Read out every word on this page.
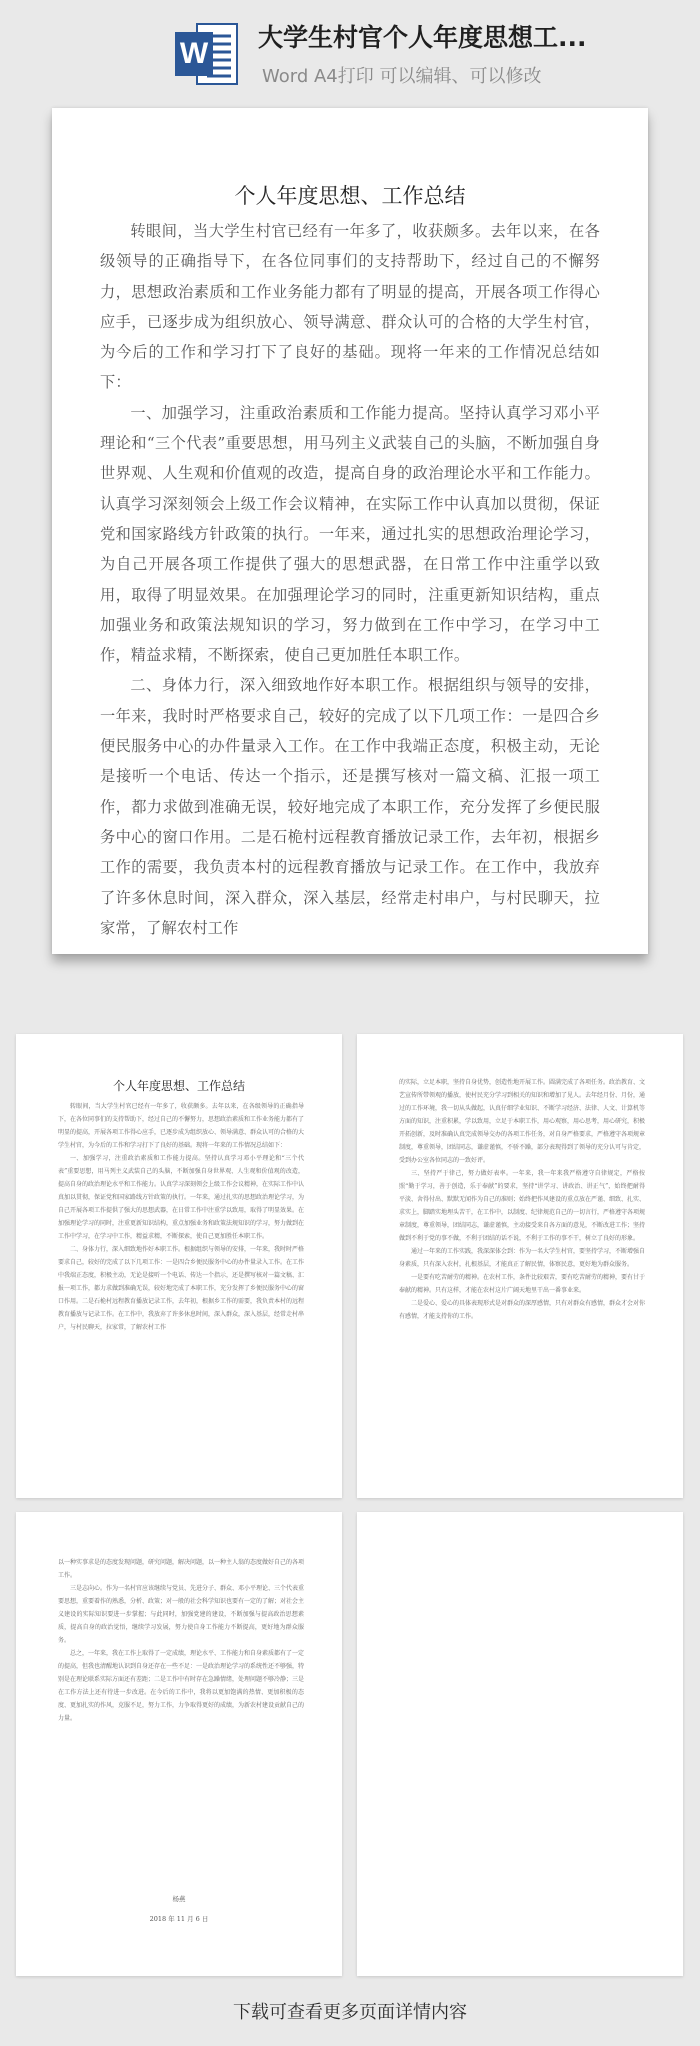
W 大学生村官个人年度思想工...
Word A4打印 可以编辑、可以修改
个人年度思想、工作总结

转眼间，当大学生村官已经有一年多了，收获颇多。去年以来，在各级领导的正确指导下，在各位同事们的支持帮助下，经过自己的不懈努力，思想政治素质和工作业务能力都有了明显的提高，开展各项工作得心应手，已逐步成为组织放心、领导满意、群众认可的合格的大学生村官，为今后的工作和学习打下了良好的基础。现将一年来的工作情况总结如下：

一、加强学习，注重政治素质和工作能力提高。坚持认真学习邓小平理论和“三个代表”重要思想，用马列主义武装自己的头脑，不断加强自身世界观、人生观和价值观的改造，提高自身的政治理论水平和工作能力。认真学习深刻领会上级工作会议精神，在实际工作中认真加以贯彻，保证党和国家路线方针政策的执行。一年来，通过扎实的思想政治理论学习，为自己开展各项工作提供了强大的思想武器，在日常工作中注重学以致用，取得了明显效果。在加强理论学习的同时，注重更新知识结构，重点加强业务和政策法规知识的学习，努力做到在工作中学习，在学习中工作，精益求精，不断探索，使自己更加胜任本职工作。

二、身体力行，深入细致地作好本职工作。根据组织与领导的安排，一年来，我时时严格要求自己，较好的完成了以下几项工作：一是四合乡便民服务中心的办件量录入工作。在工作中我端正态度，积极主动，无论是接听一个电话、传达一个指示，还是撰写核对一篇文稿、汇报一项工作，都力求做到准确无误，较好地完成了本职工作，充分发挥了乡便民服务中心的窗口作用。二是石桅村远程教育播放记录工作，去年初，根据乡工作的需要，我负责本村的远程教育播放与记录工作。在工作中，我放弃了许多休息时间，深入群众，深入基层，经常走村串户，与村民聊天，拉家常，了解农村工作

个人年度思想、工作总结

转眼间，当大学生村官已经有一年多了，收获颇多。去年以来，在各级领导的正确指导下，在各位同事们的支持帮助下，经过自己的不懈努力，思想政治素质和工作业务能力都有了明显的提高，开展各项工作得心应手，已逐步成为组织放心、领导满意、群众认可的合格的大学生村官，为今后的工作和学习打下了良好的基础。现将一年来的工作情况总结如下：

一、加强学习，注重政治素质和工作能力提高。坚持认真学习邓小平理论和“三个代表”重要思想，用马列主义武装自己的头脑，不断加强自身世界观、人生观和价值观的改造，提高自身的政治理论水平和工作能力。认真学习深刻领会上级工作会议精神，在实际工作中认真加以贯彻，保证党和国家路线方针政策的执行。一年来，通过扎实的思想政治理论学习，为自己开展各项工作提供了强大的思想武器，在日常工作中注重学以致用，取得了明显效果。在加强理论学习的同时，注重更新知识结构，重点加强业务和政策法规知识的学习，努力做到在工作中学习，在学习中工作，精益求精，不断探索，使自己更加胜任本职工作。

二、身体力行，深入细致地作好本职工作。根据组织与领导的安排，一年来，我时时严格要求自己，较好的完成了以下几项工作：一是四合乡便民服务中心的办件量录入工作。在工作中我端正态度，积极主动，无论是接听一个电话、传达一个指示，还是撰写核对一篇文稿、汇报一项工作，都力求做到准确无误，较好地完成了本职工作，充分发挥了乡便民服务中心的窗口作用。二是石桅村远程教育播放记录工作，去年初，根据乡工作的需要，我负责本村的远程教育播放与记录工作。在工作中，我放弃了许多休息时间，深入群众，深入基层，经常走村串户，与村民聊天，拉家常，了解农村工作

的实际，立足本职，坚持自身优势，创造性地开展工作。圆满完成了各项任务。政治教育、文艺宣传所带领观的播放，使村民充分学习到相关的知识和增加了见人。去年经月份、月份，通过的工作环境，我一切从头做起，认真仔细学业知识、不断学习经济、法律、人文、计算机等方面的知识，注重积累，学以致用，立足于本职工作，用心观察，用心思考，用心研究，积极开拓创新，及时准确认真完成领导交办的各项工作任务，对自身严格要求，严格遵守各项规章制度，尊重领导，团结同志，谦虚谨慎，不骄不躁，部分表现得到了领导的充分认可与肯定，受到办公室各位同志的一致好评。

三、坚持严于律己，努力做好表率。一年来，我一年来我严格遵守自律规定，严格按照“勤于学习，善于创造，乐于奉献”的要求，坚持“讲学习、讲政治、讲正气”，始终把耐得平淡、舍得付出、默默无闻作为自己的准则；始终把作风建设的重点放在严谨、细致、扎实、求实上，脚踏实地埋头苦干，在工作中，以制度、纪律规范自己的一切言行，严格遵守各项规章制度，尊重领导，团结同志，谦虚谨慎，主动接受来自各方面的意见，不断改进工作；坚持做到不利于党的事不做，不利于团结的话不说，不利于工作的事不干，树立了良好的形象。

通过一年来的工作实践，我深深体会到：作为一名大学生村官，要坚持学习，不断增强自身素质，只有深入农村，扎根基层，才能真正了解民情，体察民意，更好地为群众服务。

一是要有吃苦耐劳的精神。在农村工作，条件比较艰苦，要有吃苦耐劳的精神，要有甘于奉献的精神。只有这样，才能在农村这片广阔天地里干出一番事业来。

二是爱心、爱心的具体表现形式是对群众的深厚感情，只有对群众有感情，群众才会对你有感情，才能支持你的工作。

以一种实事求是的态度发现问题，研究问题，解决问题，以一种主人翁的态度做好自己的各项工作。

三是志向心。作为一名村官应该继续与党员、先进分子、群众、邓小平理论、三个代表重要思想，重要着作的熟悉，分析、政策；对一般的社会科学知识也要有一定的了解；对社会主义建设的实际知识要进一步掌握；与此同时，加强党建的建设，不断加强与提高政治思想素质，提高自身的政治觉悟，继续学习发展，努力使自身工作能力不断提高，更好地为群众服务。

总之，一年来，我在工作上取得了一定成绩，理论水平、工作能力和自身素质都有了一定的提高，但我也清醒地认识到自身还存在一些不足：一是政治理论学习的系统性还不够强，特别是在理论联系实际方面还有差距；二是工作中有时存在急躁情绪，处理问题不够冷静；三是在工作方法上还有待进一步改进。在今后的工作中，我将以更加饱满的热情、更加积极的态度、更加扎实的作风，克服不足，努力工作，力争取得更好的成绩，为新农村建设贡献自己的力量。

杨燕
2018 年 11 月 6 日
下载可查看更多页面详情内容
